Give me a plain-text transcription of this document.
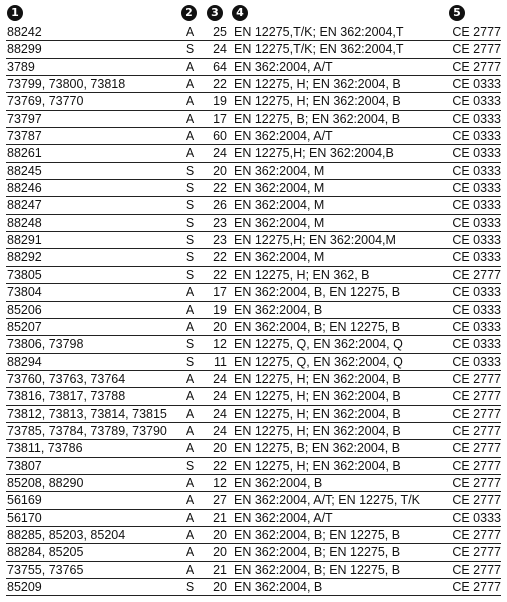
1	2	3	4	5
88242	A	25 EN 12275,T/K; EN 362:2004,T	CE 2777
88299	S	24 EN 12275,T/K; EN 362:2004,T	CE 2777
3789	A	64 EN 362:2004, A/T	CE 2777
73799, 73800, 73818	A	22 EN 12275, H; EN 362:2004, B	CE 0333
73769, 73770	A	19 EN 12275, H; EN 362:2004, B	CE 0333
73797	A	17 EN 12275, B; EN 362:2004, B	CE 0333
73787	A	60 EN 362:2004, A/T	CE 0333
88261	A	24 EN 12275,H; EN 362:2004,B	CE 0333
88245	S	20 EN 362:2004, M	CE 0333
88246	S	22 EN 362:2004, M	CE 0333
88247	S	26 EN 362:2004, M	CE 0333
88248	S	23 EN 362:2004, M	CE 0333
88291	S	23 EN 12275,H; EN 362:2004,M	CE 0333
88292	S	22 EN 362:2004, M	CE 0333
73805	S	22 EN 12275, H; EN 362, B	CE 2777
73804	A	17 EN 362:2004, B, EN 12275, B	CE 0333
85206	A	19 EN 362:2004, B	CE 0333
85207	A	20 EN 362:2004, B; EN 12275, B	CE 0333
73806, 73798	S	12 EN 12275, Q, EN 362:2004, Q	CE 0333
88294	S	11 EN 12275, Q, EN 362:2004, Q	CE 0333
73760, 73763, 73764	A	24 EN 12275, H; EN 362:2004, B	CE 2777
73816, 73817, 73788	A	24 EN 12275, H; EN 362:2004, B	CE 2777
73812, 73813, 73814, 73815	A	24 EN 12275, H; EN 362:2004, B	CE 2777
73785, 73784, 73789, 73790	A	24 EN 12275, H; EN 362:2004, B	CE 2777
73811, 73786	A	20 EN 12275, B; EN 362:2004, B	CE 2777
73807	S	22 EN 12275, H; EN 362:2004, B	CE 2777
85208, 88290	A	12 EN 362:2004, B	CE 2777
56169	A	27 EN 362:2004, A/T; EN 12275, T/K	CE 2777
56170	A	21 EN 362:2004, A/T	CE 0333
88285, 85203, 85204	A	20 EN 362:2004, B; EN 12275, B	CE 2777
88284, 85205	A	20 EN 362:2004, B; EN 12275, B	CE 2777
73755, 73765	A	21 EN 362:2004, B; EN 12275, B	CE 2777
85209	S	20 EN 362:2004, B	CE 2777
